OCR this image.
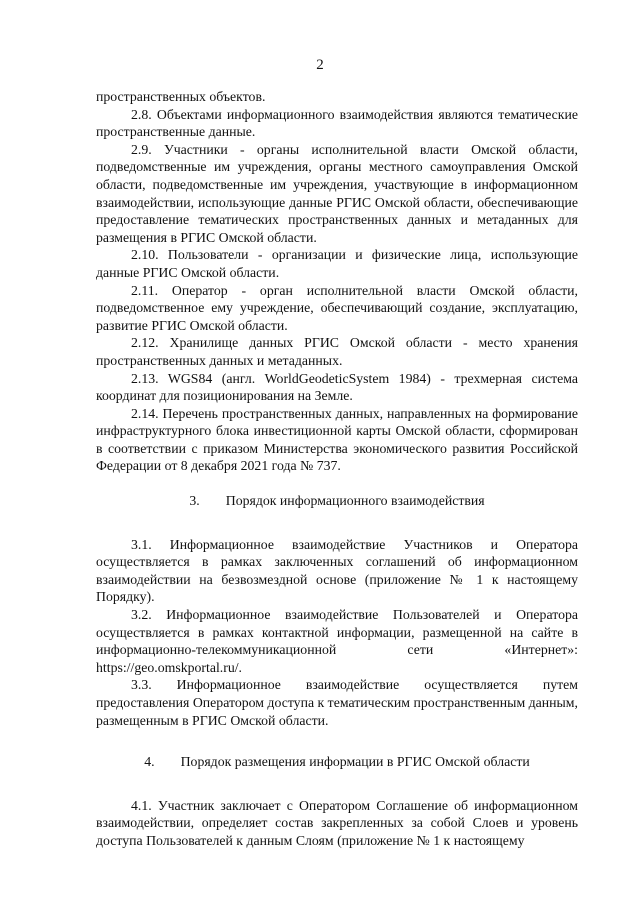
2

пространственных объектов.

2.8. Объектами информационного взаимодействия являются тематические пространственные данные.

2.9. Участники - органы исполнительной власти Омской области, подведомственные им учреждения, органы местного самоуправления Омской области, подведомственные им учреждения, участвующие в информационном взаимодействии, использующие данные РГИС Омской области, обеспечивающие предоставление тематических пространственных данных и метаданных для размещения в РГИС Омской области.

2.10. Пользователи - организации и физические лица, использующие данные РГИС Омской области.

2.11. Оператор - орган исполнительной власти Омской области, подведомственное ему учреждение, обеспечивающий создание, эксплуатацию, развитие РГИС Омской области.

2.12. Хранилище данных РГИС Омской области - место хранения пространственных данных и метаданных.

2.13. WGS84 (англ. WorldGeodeticSystem 1984) - трехмерная система координат для позиционирования на Земле.

2.14. Перечень пространственных данных, направленных на формирование инфраструктурного блока инвестиционной карты Омской области, сформирован в соответствии с приказом Министерства экономического развития Российской Федерации от 8 декабря 2021 года № 737.

3. Порядок информационного взаимодействия

3.1. Информационное взаимодействие Участников и Оператора осуществляется в рамках заключенных соглашений об информационном взаимодействии на безвозмездной основе (приложение № 1 к настоящему Порядку).

3.2. Информационное взаимодействие Пользователей и Оператора осуществляется в рамках контактной информации, размещенной на сайте в информационно-телекоммуникационной сети «Интернет»: https://geo.omskportal.ru/.

3.3. Информационное взаимодействие осуществляется путем предоставления Оператором доступа к тематическим пространственным данным, размещенным в РГИС Омской области.

4. Порядок размещения информации в РГИС Омской области

4.1. Участник заключает с Оператором Соглашение об информационном взаимодействии, определяет состав закрепленных за собой Слоев и уровень доступа Пользователей к данным Слоям (приложение № 1 к настоящему
